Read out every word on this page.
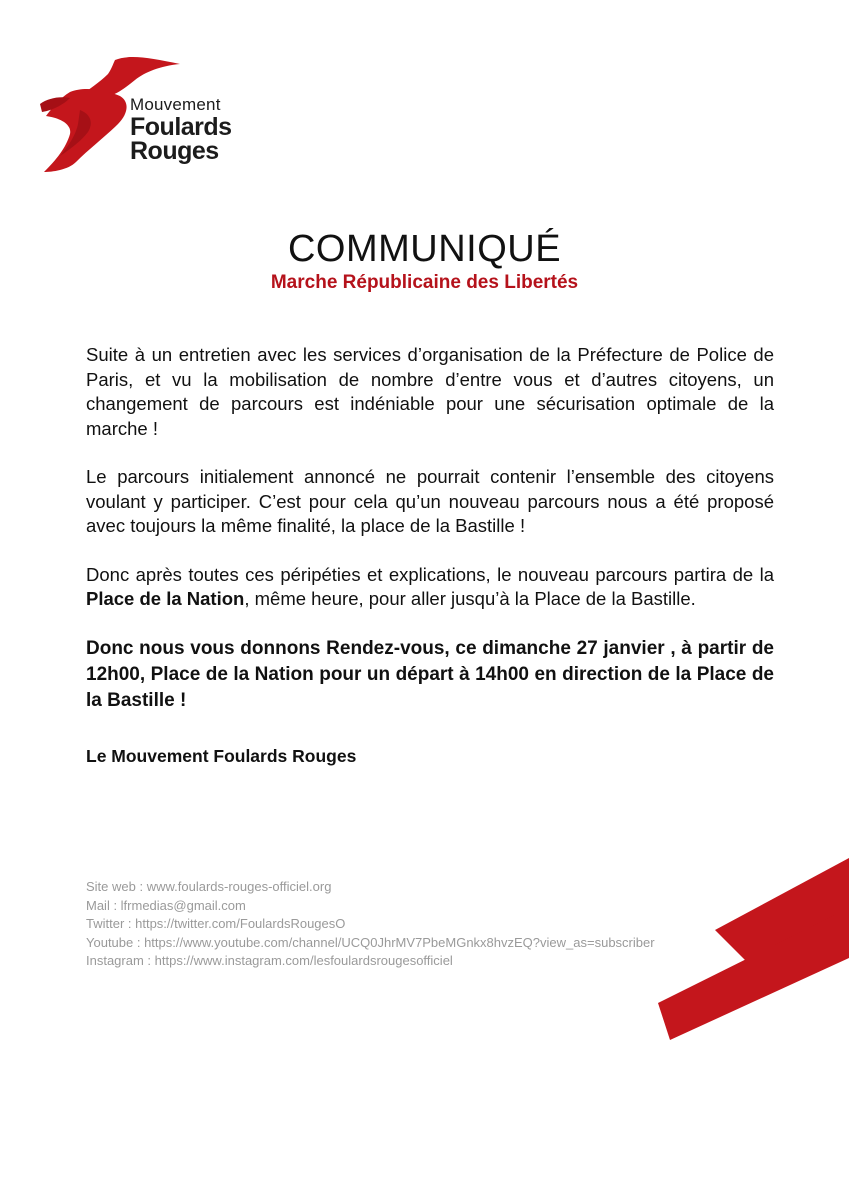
Mouvement
Foulards
Rouges
COMMUNIQUÉ
Marche Républicaine des Libertés

Suite à un entretien avec les services d’organisation de la Préfecture de Police de Paris, et vu la mobilisation de nombre d’entre vous et d’autres citoyens, un changement de parcours est indéniable pour une sécurisation optimale de la marche !

Le parcours initialement annoncé ne pourrait contenir l’ensemble des citoyens voulant y participer. C’est pour cela qu’un nouveau parcours nous a été proposé avec toujours la même finalité, la place de la Bastille !

Donc après toutes ces péripéties et explications, le nouveau parcours partira de la Place de la Nation, même heure, pour aller jusqu’à la Place de la Bastille.

Donc nous vous donnons Rendez-vous, ce dimanche 27 janvier , à partir de 12h00, Place de la Nation pour un départ à 14h00 en direction de la Place de la Bastille !

Le Mouvement Foulards Rouges

Site web : www.foulards-rouges-officiel.org
Mail : lfrmedias@gmail.com
Twitter : https://twitter.com/FoulardsRougesO
Youtube : https://www.youtube.com/channel/UCQ0JhrMV7PbeMGnkx8hvzEQ?view_as=subscriber
Instagram : https://www.instagram.com/lesfoulardsrougesofficiel
